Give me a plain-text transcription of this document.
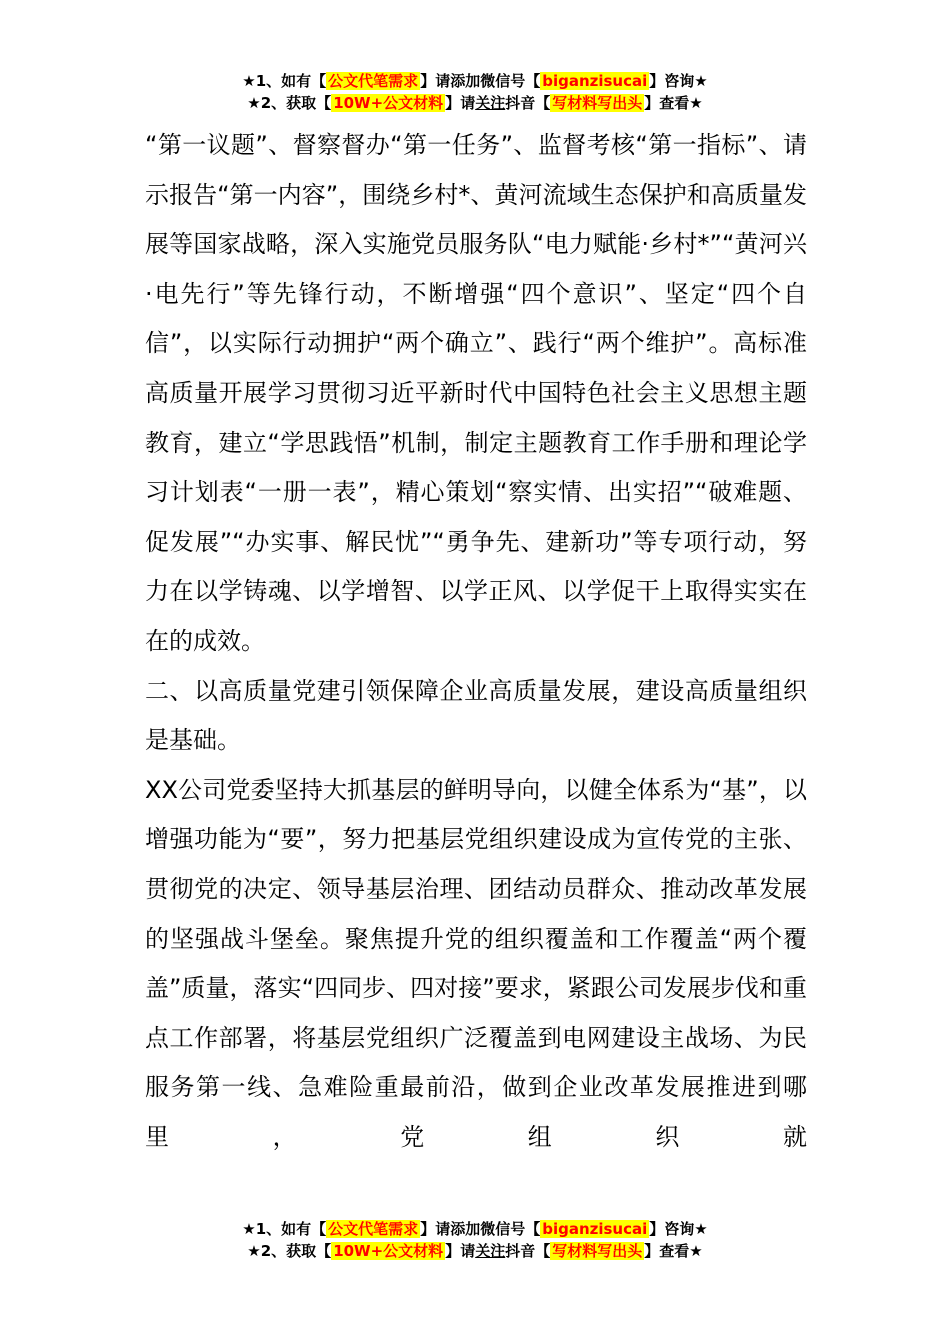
★1、如有【 公文代笔需求 】请添加微信号【 biganzisucai 】咨询★
★2、获取【 10W+公文材料 】请关注抖音【 写材料写出头 】查看★

“第一议题”、督察督办“第一任务”、监督考核“第一指标”、请示报告“第一内容”，围绕乡村*、黄河流域生态保护和高质量发展等国家战略，深入实施党员服务队“电力赋能·乡村*”“黄河兴·电先行”等先锋行动，不断增强“四个意识”、坚定“四个自信”，以实际行动拥护“两个确立”、践行“两个维护”。高标准高质量开展学习贯彻习近平新时代中国特色社会主义思想主题教育，建立“学思践悟”机制，制定主题教育工作手册和理论学习计划表“一册一表”，精心策划“察实情、出实招”“破难题、促发展”“办实事、解民忧”“勇争先、建新功”等专项行动，努力在以学铸魂、以学增智、以学正风、以学促干上取得实实在在的成效。

二、以高质量党建引领保障企业高质量发展，建设高质量组织是基础。

XX公司党委坚持大抓基层的鲜明导向，以健全体系为“基”，以增强功能为“要”，努力把基层党组织建设成为宣传党的主张、贯彻党的决定、领导基层治理、团结动员群众、推动改革发展的坚强战斗堡垒。聚焦提升党的组织覆盖和工作覆盖“两个覆盖”质量，落实“四同步、四对接”要求，紧跟公司发展步伐和重点工作部署，将基层党组织广泛覆盖到电网建设主战场、为民服务第一线、急难险重最前沿，做到企业改革发展推进到哪里，党组织就

★1、如有【 公文代笔需求 】请添加微信号【 biganzisucai 】咨询★
★2、获取【 10W+公文材料 】请关注抖音【 写材料写出头 】查看★
